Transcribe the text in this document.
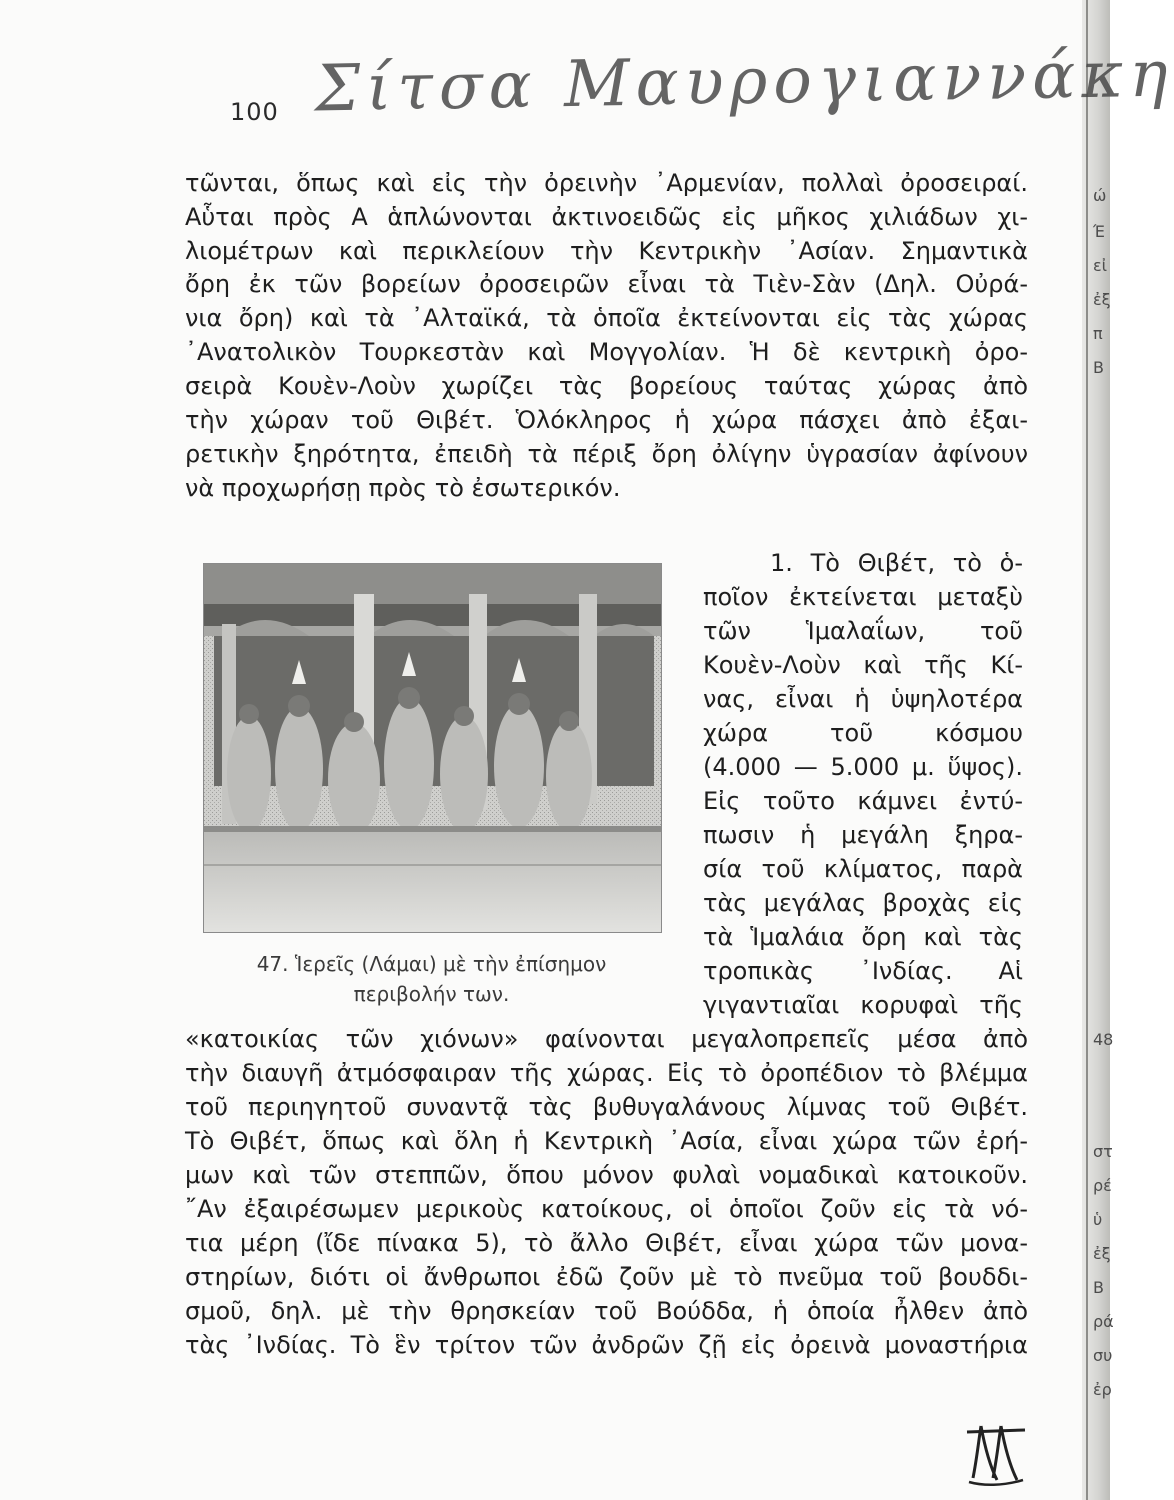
100 Σίτσα Μαυρογιαννάκη
τῶνται, ὅπως καὶ εἰς τὴν ὀρεινὴν ᾿Αρμενίαν, πολλαὶ ὀροσειραί.
Αὗται πρὸς Α ἁπλώνονται ἀκτινοειδῶς εἰς μῆκος χιλιάδων χι-
λιομέτρων καὶ περικλείουν τὴν Κεντρικὴν ᾿Ασίαν. Σημαντικὰ
ὄρη ἐκ τῶν βορείων ὀροσειρῶν εἶναι τὰ Τιὲν-Σὰν (Δηλ. Οὐρά-
νια ὄρη) καὶ τὰ ᾿Αλταϊκά, τὰ ὁποῖα ἐκτείνονται εἰς τὰς χώρας
᾿Ανατολικὸν Τουρκεστὰν καὶ Μογγολίαν. Ἡ δὲ κεντρικὴ ὀρο-
σειρὰ Κουὲν-Λοὺν χωρίζει τὰς βορείους ταύτας χώρας ἀπὸ
τὴν χώραν τοῦ Θιβέτ. Ὁλόκληρος ἡ χώρα πάσχει ἀπὸ ἐξαι-
ρετικὴν ξηρότητα, ἐπειδὴ τὰ πέριξ ὄρη ὀλίγην ὑγρασίαν ἀφίνουν
νὰ προχωρήσῃ πρὸς τὸ ἐσωτερικόν.
47. Ἱερεῖς (Λάμαι) μὲ τὴν ἐπίσημον
περιβολήν των.
1. Τὸ Θιβέτ, τὸ ὁ-
ποῖον ἐκτείνεται μεταξὺ
τῶν Ἱμαλαΐων, τοῦ
Κουὲν-Λοὺν καὶ τῆς Κί-
νας, εἶναι ἡ ὑψηλοτέρα
χώρα τοῦ κόσμου
(4.000 — 5.000 μ. ὕψος).
Εἰς τοῦτο κάμνει ἐντύ-
πωσιν ἡ μεγάλη ξηρα-
σία τοῦ κλίματος, παρὰ
τὰς μεγάλας βροχὰς εἰς
τὰ Ἱμαλάια ὄρη καὶ τὰς
τροπικὰς ᾿Ινδίας. Αἱ
γιγαντιαῖαι κορυφαὶ τῆς
«κατοικίας τῶν χιόνων» φαίνονται μεγαλοπρεπεῖς μέσα ἀπὸ
τὴν διαυγῆ ἀτμόσφαιραν τῆς χώρας. Εἰς τὸ ὀροπέδιον τὸ βλέμμα
τοῦ περιηγητοῦ συναντᾷ τὰς βυθυγαλάνους λίμνας τοῦ Θιβέτ.
Τὸ Θιβέτ, ὅπως καὶ ὅλη ἡ Κεντρικὴ ᾿Ασία, εἶναι χώρα τῶν ἐρή-
μων καὶ τῶν στεππῶν, ὅπου μόνον φυλαὶ νομαδικαὶ κατοικοῦν.
῎Αν ἐξαιρέσωμεν μερικοὺς κατοίκους, οἱ ὁποῖοι ζοῦν εἰς τὰ νό-
τια μέρη (ἴδε πίνακα 5), τὸ ἄλλο Θιβέτ, εἶναι χώρα τῶν μονα-
στηρίων, διότι οἱ ἄνθρωποι ἐδῶ ζοῦν μὲ τὸ πνεῦμα τοῦ βουδδι-
σμοῦ, δηλ. μὲ τὴν θρησκείαν τοῦ Βούδδα, ἡ ὁποία ἦλθεν ἀπὸ
τὰς ᾿Ινδίας. Τὸ ἓν τρίτον τῶν ἀνδρῶν ζῇ εἰς ὀρεινὰ μοναστήρια
ώ
Έ
εἰ
ἐξ
π
Β
48
στ
ρέ
ὑ
ἐξ
Β
ρά
συ
ἐρ
